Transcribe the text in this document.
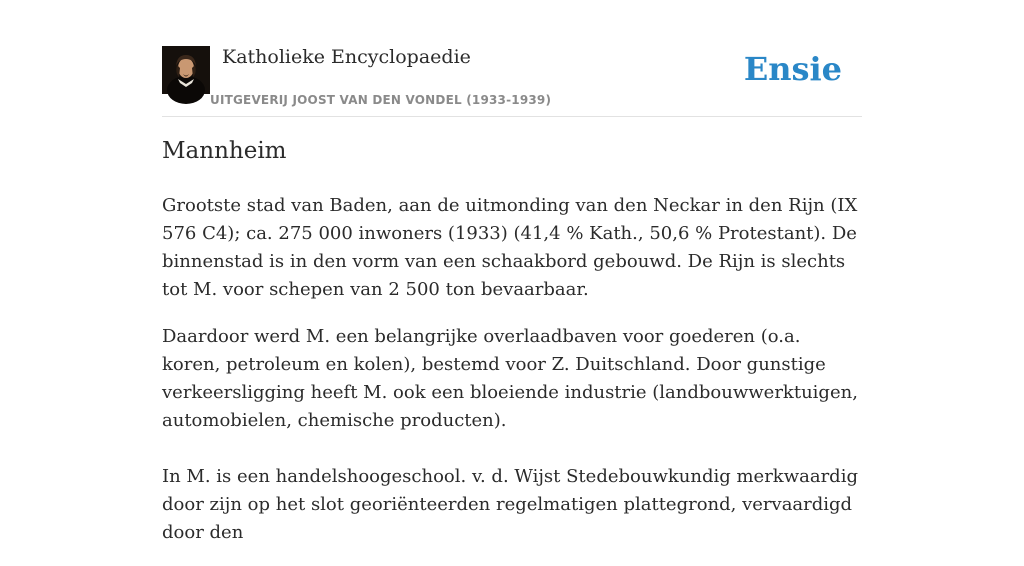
Katholieke Encyclopaedie
UITGEVERIJ JOOST VAN DEN VONDEL (1933-1939)
Ensie
Mannheim

Grootste stad van Baden, aan de uitmonding van den Neckar in den Rijn (IX 576 C4); ca. 275 000 inwoners (1933) (41,4 % Kath., 50,6 % Protestant). De binnenstad is in den vorm van een schaakbord gebouwd. De Rijn is slechts tot M. voor schepen van 2 500 ton bevaarbaar.

Daardoor werd M. een belangrijke overlaadbaven voor goederen (o.a. koren, petroleum en kolen), bestemd voor Z. Duitschland. Door gunstige verkeersligging heeft M. ook een bloeiende industrie (landbouwwerktuigen, automobielen, chemische producten).

In M. is een handelshoogeschool. v. d. Wijst Stedebouwkundig merkwaardig door zijn op het slot georiënteerden regelmatigen plattegrond, vervaardigd door den
